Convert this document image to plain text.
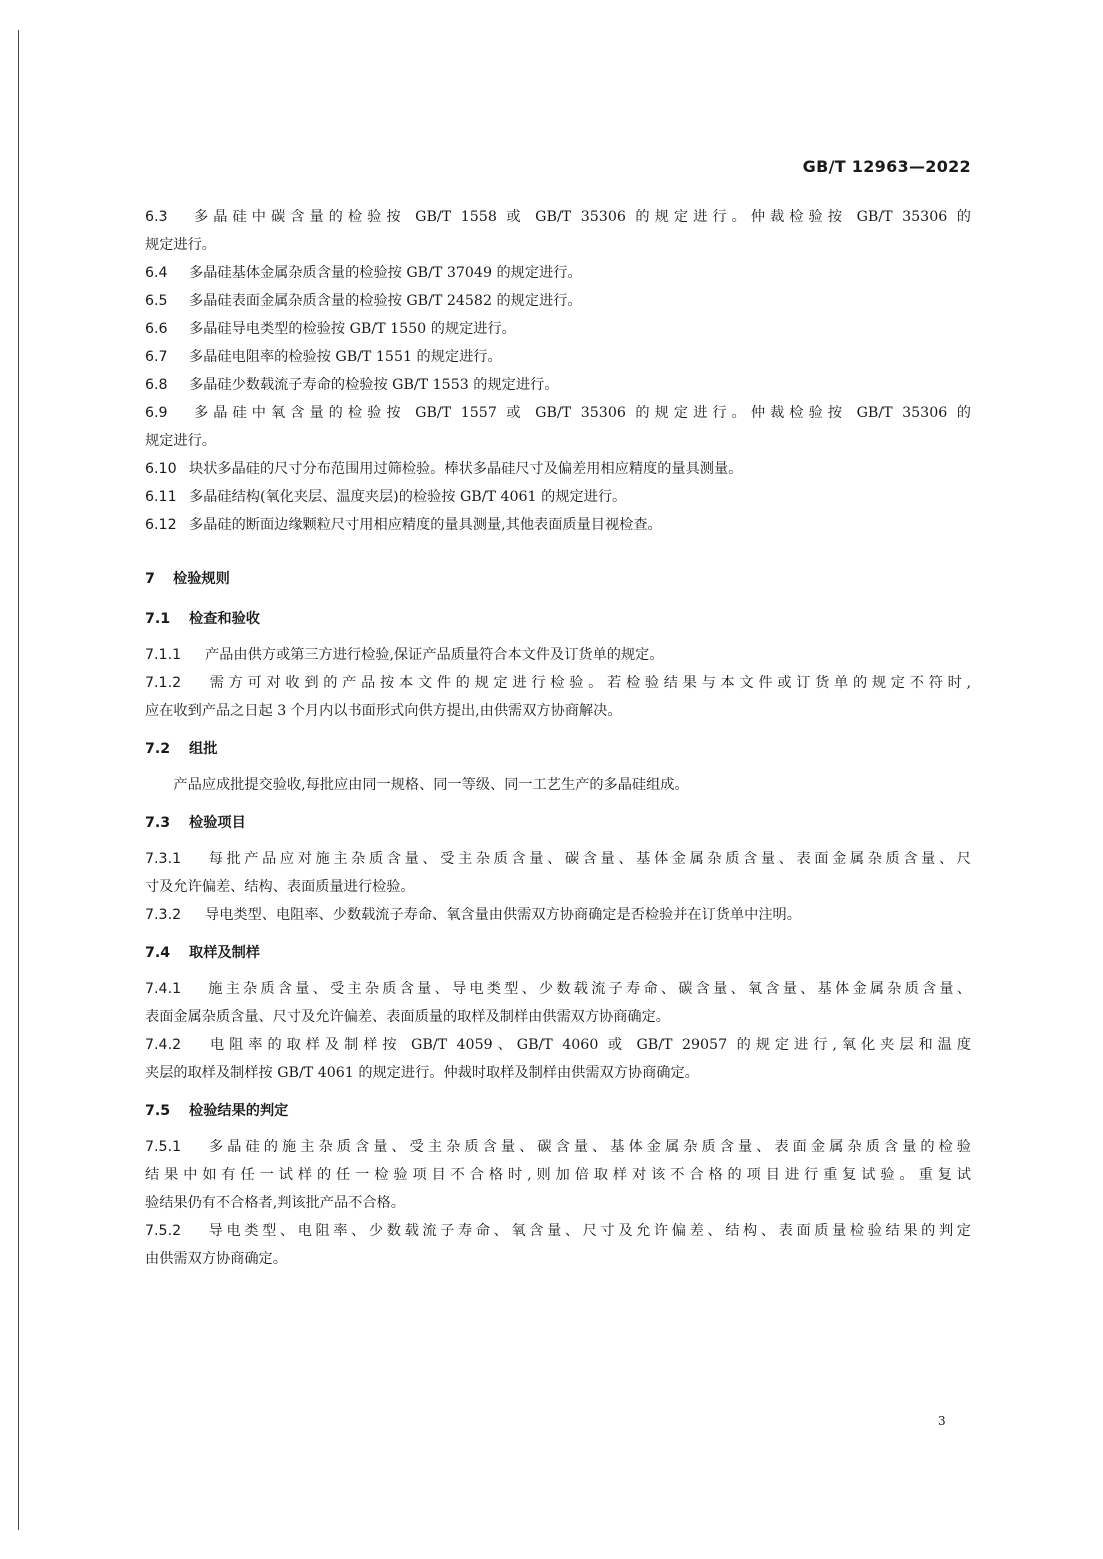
GB/T 12963—2022
6.3 多晶硅中碳含量的检验按 GB/T 1558 或 GB/T 35306 的规定进行。仲裁检验按 GB/T 35306 的
规定进行。
6.4 多晶硅基体金属杂质含量的检验按 GB/T 37049 的规定进行。
6.5 多晶硅表面金属杂质含量的检验按 GB/T 24582 的规定进行。
6.6 多晶硅导电类型的检验按 GB/T 1550 的规定进行。
6.7 多晶硅电阻率的检验按 GB/T 1551 的规定进行。
6.8 多晶硅少数载流子寿命的检验按 GB/T 1553 的规定进行。
6.9 多晶硅中氧含量的检验按 GB/T 1557 或 GB/T 35306 的规定进行。仲裁检验按 GB/T 35306 的
规定进行。
6.10 块状多晶硅的尺寸分布范围用过筛检验。棒状多晶硅尺寸及偏差用相应精度的量具测量。
6.11 多晶硅结构(氧化夹层、温度夹层)的检验按 GB/T 4061 的规定进行。
6.12 多晶硅的断面边缘颗粒尺寸用相应精度的量具测量,其他表面质量目视检查。
7 检验规则
7.1 检查和验收
7.1.1 产品由供方或第三方进行检验,保证产品质量符合本文件及订货单的规定。
7.1.2 需方可对收到的产品按本文件的规定进行检验。若检验结果与本文件或订货单的规定不符时,
应在收到产品之日起 3 个月内以书面形式向供方提出,由供需双方协商解决。
7.2 组批
产品应成批提交验收,每批应由同一规格、同一等级、同一工艺生产的多晶硅组成。
7.3 检验项目
7.3.1 每批产品应对施主杂质含量、受主杂质含量、碳含量、基体金属杂质含量、表面金属杂质含量、尺
寸及允许偏差、结构、表面质量进行检验。
7.3.2 导电类型、电阻率、少数载流子寿命、氧含量由供需双方协商确定是否检验并在订货单中注明。
7.4 取样及制样
7.4.1 施主杂质含量、受主杂质含量、导电类型、少数载流子寿命、碳含量、氧含量、基体金属杂质含量、
表面金属杂质含量、尺寸及允许偏差、表面质量的取样及制样由供需双方协商确定。
7.4.2 电阻率的取样及制样按 GB/T 4059、GB/T 4060 或 GB/T 29057 的规定进行,氧化夹层和温度
夹层的取样及制样按 GB/T 4061 的规定进行。仲裁时取样及制样由供需双方协商确定。
7.5 检验结果的判定
7.5.1 多晶硅的施主杂质含量、受主杂质含量、碳含量、基体金属杂质含量、表面金属杂质含量的检验
结果中如有任一试样的任一检验项目不合格时,则加倍取样对该不合格的项目进行重复试验。重复试
验结果仍有不合格者,判该批产品不合格。
7.5.2 导电类型、电阻率、少数载流子寿命、氧含量、尺寸及允许偏差、结构、表面质量检验结果的判定
由供需双方协商确定。
3
